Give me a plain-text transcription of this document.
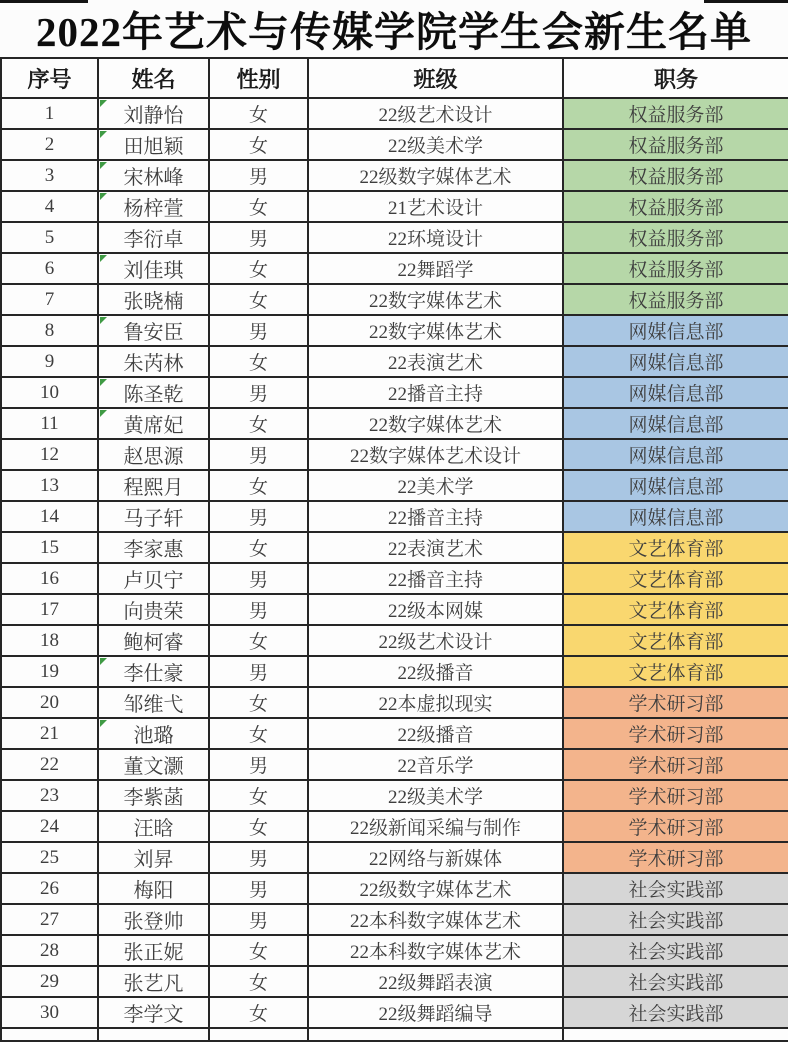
2022年艺术与传媒学院学生会新生名单
序号	姓名	性别	班级	职务
1	刘静怡	女	22级艺术设计	权益服务部
2	田旭颖	女	22级美术学	权益服务部
3	宋林峰	男	22级数字媒体艺术	权益服务部
4	杨梓萱	女	21艺术设计	权益服务部
5	李衍卓	男	22环境设计	权益服务部
6	刘佳琪	女	22舞蹈学	权益服务部
7	张晓楠	女	22数字媒体艺术	权益服务部
8	鲁安臣	男	22数字媒体艺术	网媒信息部
9	朱芮林	女	22表演艺术	网媒信息部
10	陈圣乾	男	22播音主持	网媒信息部
11	黄席妃	女	22数字媒体艺术	网媒信息部
12	赵思源	男	22数字媒体艺术设计	网媒信息部
13	程熙月	女	22美术学	网媒信息部
14	马子轩	男	22播音主持	网媒信息部
15	李家惠	女	22表演艺术	文艺体育部
16	卢贝宁	男	22播音主持	文艺体育部
17	向贵荣	男	22级本网媒	文艺体育部
18	鲍柯睿	女	22级艺术设计	文艺体育部
19	李仕豪	男	22级播音	文艺体育部
20	邹维弋	女	22本虚拟现实	学术研习部
21	池璐	女	22级播音	学术研习部
22	董文灏	男	22音乐学	学术研习部
23	李紫菡	女	22级美术学	学术研习部
24	汪晗	女	22级新闻采编与制作	学术研习部
25	刘昇	男	22网络与新媒体	学术研习部
26	梅阳	男	22级数字媒体艺术	社会实践部
27	张登帅	男	22本科数字媒体艺术	社会实践部
28	张正妮	女	22本科数字媒体艺术	社会实践部
29	张艺凡	女	22级舞蹈表演	社会实践部
30	李学文	女	22级舞蹈编导	社会实践部
